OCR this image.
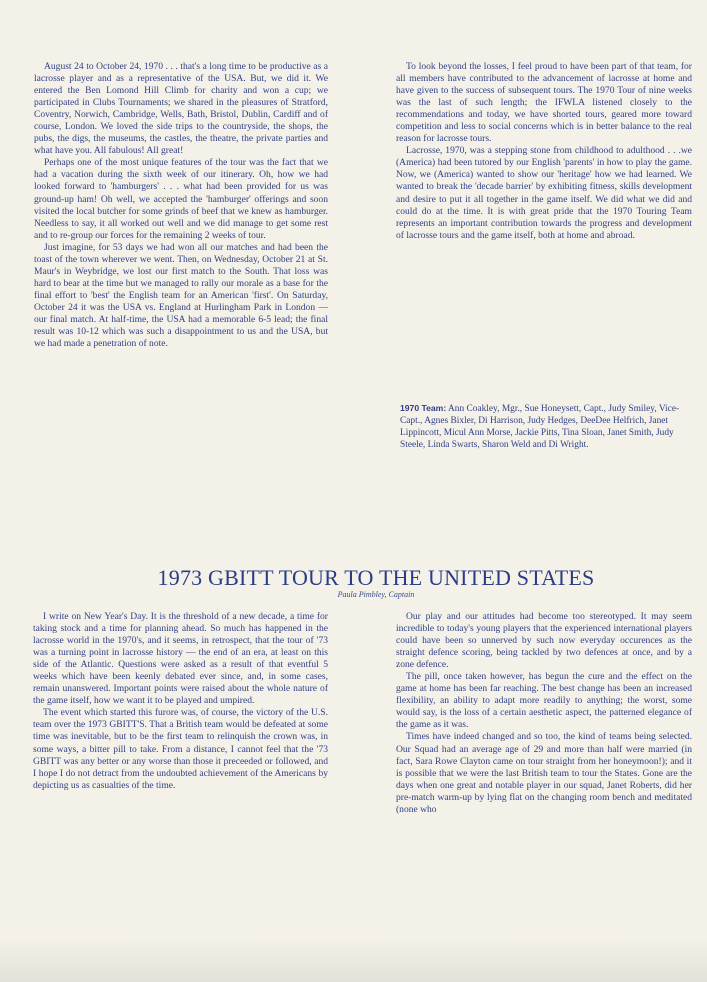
August 24 to October 24, 1970 . . . that's a long time to be productive as a lacrosse player and as a representative of the USA. But, we did it. We entered the Ben Lomond Hill Climb for charity and won a cup; we participated in Clubs Tournaments; we shared in the pleasures of Stratford, Coventry, Norwich, Cambridge, Wells, Bath, Bristol, Dublin, Cardiff and of course, London. We loved the side trips to the countryside, the shops, the pubs, the digs, the museums, the castles, the theatre, the private parties and what have you. All fabulous! All great!

Perhaps one of the most unique features of the tour was the fact that we had a vacation during the sixth week of our itinerary. Oh, how we had looked forward to 'hamburgers' . . . what had been provided for us was ground-up ham! Oh well, we accepted the 'hamburger' offerings and soon visited the local butcher for some grinds of beef that we knew as hamburger. Needless to say, it all worked out well and we did manage to get some rest and to re-group our forces for the remaining 2 weeks of tour.

Just imagine, for 53 days we had won all our matches and had been the toast of the town wherever we went. Then, on Wednesday, October 21 at St. Maur's in Weybridge, we lost our first match to the South. That loss was hard to bear at the time but we managed to rally our morale as a base for the final effort to 'best' the English team for an American 'first'. On Saturday, October 24 it was the USA vs. England at Hurlingham Park in London — our final match. At half-time, the USA had a memorable 6-5 lead; the final result was 10-12 which was such a disappointment to us and the USA, but we had made a penetration of note.

To look beyond the losses, I feel proud to have been part of that team, for all members have contributed to the advancement of lacrosse at home and have given to the success of subsequent tours. The 1970 Tour of nine weeks was the last of such length; the IFWLA listened closely to the recommendations and today, we have shorted tours, geared more toward competition and less to social concerns which is in better balance to the real reason for lacrosse tours.

Lacrosse, 1970, was a stepping stone from childhood to adulthood . . .we (America) had been tutored by our English 'parents' in how to play the game. Now, we (America) wanted to show our 'heritage' how we had learned. We wanted to break the 'decade barrier' by exhibiting fitness, skills development and desire to put it all together in the game itself. We did what we did and could do at the time. It is with great pride that the 1970 Touring Team represents an important contribution towards the progress and development of lacrosse tours and the game itself, both at home and abroad.

1970 Team: Ann Coakley, Mgr., Sue Honeysett, Capt., Judy Smiley, Vice-Capt., Agnes Bixler, Di Harrison, Judy Hedges, DeeDee Helfrich, Janet Lippincott, Micul Ann Morse, Jackie Pitts, Tina Sloan, Janet Smith, Judy Steele, Linda Swarts, Sharon Weld and Di Wright.
1973 GBITT TOUR TO THE UNITED STATES
Paula Pimbley, Captain

I write on New Year's Day. It is the threshold of a new decade, a time for taking stock and a time for planning ahead. So much has happened in the lacrosse world in the 1970's, and it seems, in retrospect, that the tour of '73 was a turning point in lacrosse history — the end of an era, at least on this side of the Atlantic. Questions were asked as a result of that eventful 5 weeks which have been keenly debated ever since, and, in some cases, remain unanswered. Important points were raised about the whole nature of the game itself, how we want it to be played and umpired.

The event which started this furore was, of course, the victory of the U.S. team over the 1973 GBITT'S. That a British team would be defeated at some time was inevitable, but to be the first team to relinquish the crown was, in some ways, a bitter pill to take. From a distance, I cannot feel that the '73 GBITT was any better or any worse than those it preceeded or followed, and I hope I do not detract from the undoubted achievement of the Americans by depicting us as casualties of the time.

Our play and our attitudes had become too stereotyped. It may seem incredible to today's young players that the experienced international players could have been so unnerved by such now everyday occurences as the straight defence scoring, being tackled by two defences at once, and by a zone defence.

The pill, once taken however, has begun the cure and the effect on the game at home has been far reaching. The best change has been an increased flexibility, an ability to adapt more readily to anything; the worst, some would say, is the loss of a certain aesthetic aspect, the patterned elegance of the game as it was.

Times have indeed changed and so too, the kind of teams being selected. Our Squad had an average age of 29 and more than half were married (in fact, Sara Rowe Clayton came on tour straight from her honeymoon!); and it is possible that we were the last British team to tour the States. Gone are the days when one great and notable player in our squad, Janet Roberts, did her pre-match warm-up by lying flat on the changing room bench and meditated (none who
